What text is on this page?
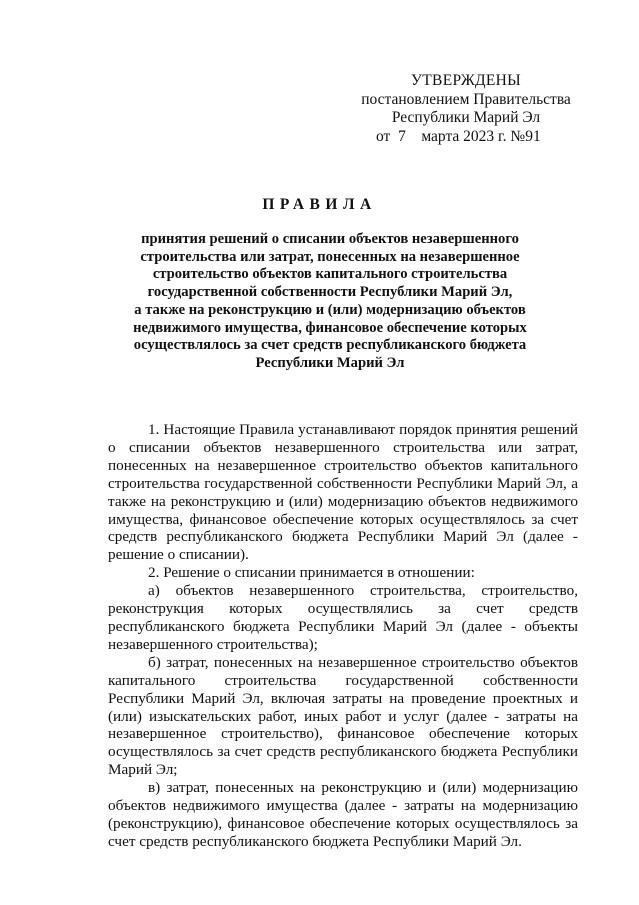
УТВЕРЖДЕНЫ
постановлением Правительства
Республики Марий Эл
от  7    марта 2023 г. №91
ПРАВИЛА
принятия решений о списании объектов незавершенного
строительства или затрат, понесенных на незавершенное
строительство объектов капитального строительства
государственной собственности Республики Марий Эл,
а также на реконструкцию и (или) модернизацию объектов
недвижимого имущества, финансовое обеспечение которых
осуществлялось за счет средств республиканского бюджета
Республики Марий Эл

1. Настоящие Правила устанавливают порядок принятия решений о списании объектов незавершенного строительства или затрат, понесенных на незавершенное строительство объектов капитального строительства государственной собственности Республики Марий Эл, а также на реконструкцию и (или) модернизацию объектов недвижимого имущества, финансовое обеспечение которых осуществлялось за счет средств республиканского бюджета Республики Марий Эл (далее - решение о списании).

2. Решение о списании принимается в отношении:

а) объектов незавершенного строительства, строительство, реконструкция которых осуществлялись за счет средств республиканского бюджета Республики Марий Эл (далее - объекты незавершенного строительства);

б) затрат, понесенных на незавершенное строительство объектов капитального строительства государственной собственности Республики Марий Эл, включая затраты на проведение проектных и (или) изыскательских работ, иных работ и услуг (далее - затраты на незавершенное строительство), финансовое обеспечение которых осуществлялось за счет средств республиканского бюджета Республики Марий Эл;

в) затрат, понесенных на реконструкцию и (или) модернизацию объектов недвижимого имущества (далее - затраты на модернизацию (реконструкцию), финансовое обеспечение которых осуществлялось за счет средств республиканского бюджета Республики Марий Эл.
